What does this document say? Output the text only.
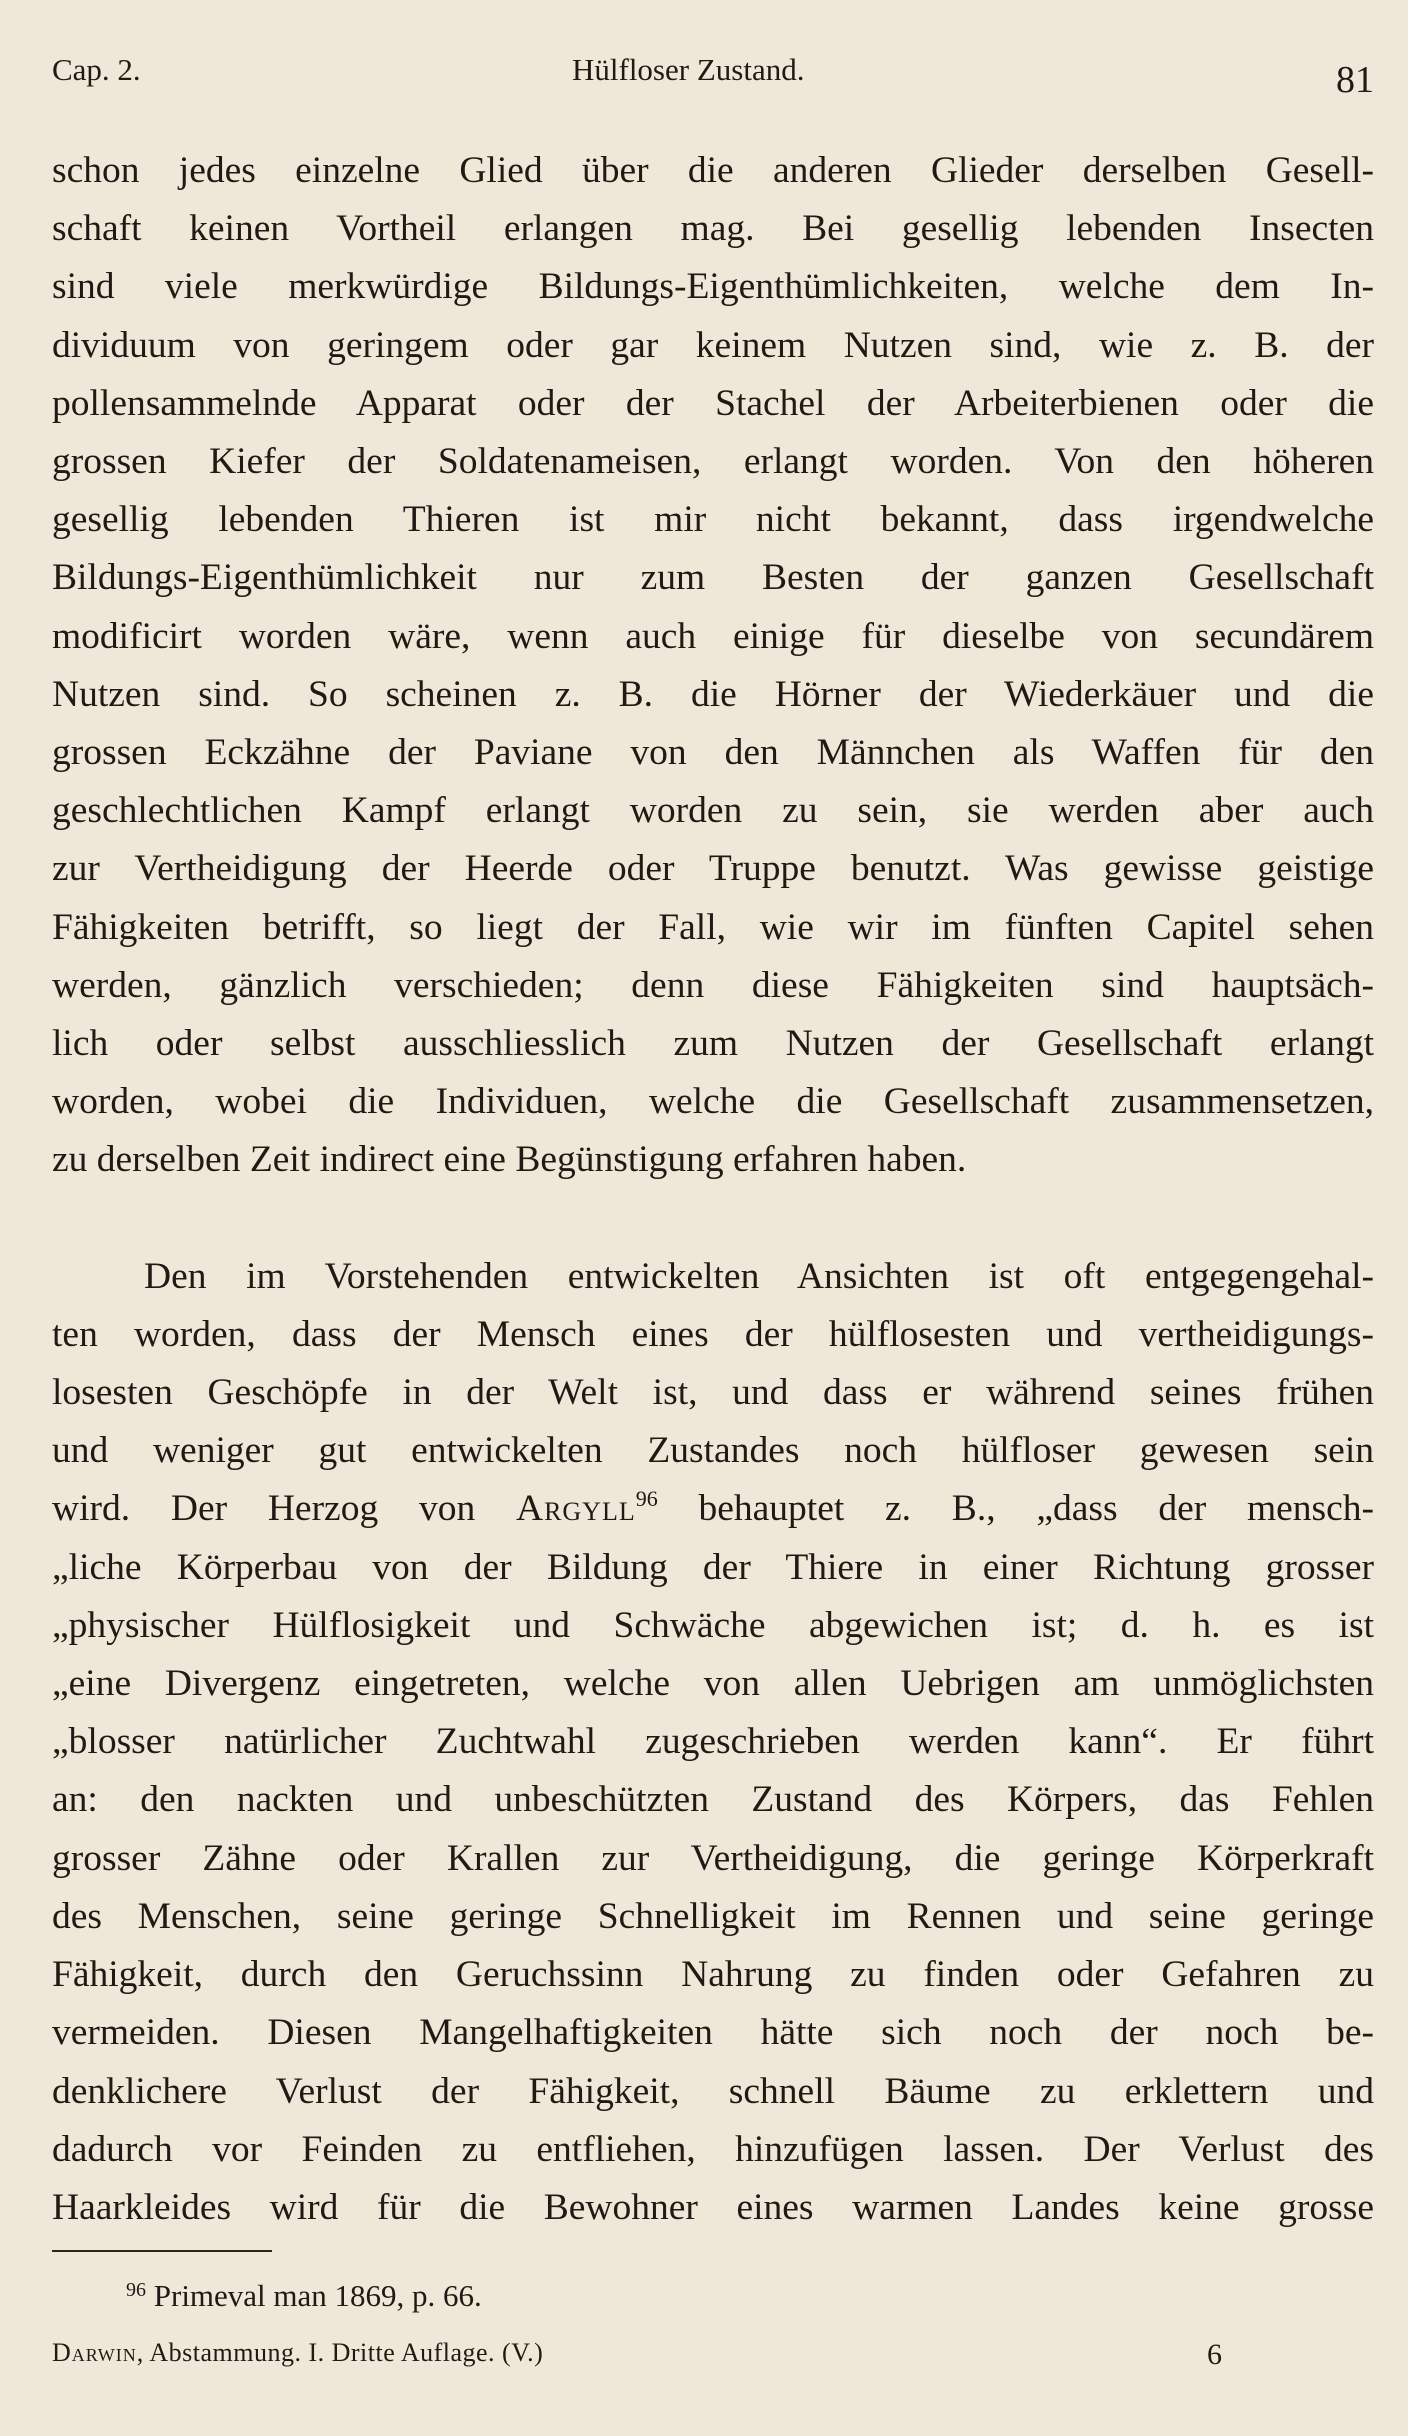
Cap. 2.	Hülfloser Zustand.	81
schon jedes einzelne Glied über die anderen Glieder derselben Gesell-
schaft keinen Vortheil erlangen mag. Bei gesellig lebenden Insecten
sind viele merkwürdige Bildungs-Eigenthümlichkeiten, welche dem In-
dividuum von geringem oder gar keinem Nutzen sind, wie z. B. der
pollensammelnde Apparat oder der Stachel der Arbeiterbienen oder die
grossen Kiefer der Soldatenameisen, erlangt worden. Von den höheren
gesellig lebenden Thieren ist mir nicht bekannt, dass irgendwelche
Bildungs-Eigenthümlichkeit nur zum Besten der ganzen Gesellschaft
modificirt worden wäre, wenn auch einige für dieselbe von secundärem
Nutzen sind. So scheinen z. B. die Hörner der Wiederkäuer und die
grossen Eckzähne der Paviane von den Männchen als Waffen für den
geschlechtlichen Kampf erlangt worden zu sein, sie werden aber auch
zur Vertheidigung der Heerde oder Truppe benutzt. Was gewisse geistige
Fähigkeiten betrifft, so liegt der Fall, wie wir im fünften Capitel sehen
werden, gänzlich verschieden; denn diese Fähigkeiten sind hauptsäch-
lich oder selbst ausschliesslich zum Nutzen der Gesellschaft erlangt
worden, wobei die Individuen, welche die Gesellschaft zusammensetzen,
zu derselben Zeit indirect eine Begünstigung erfahren haben.
Den im Vorstehenden entwickelten Ansichten ist oft entgegengehal-
ten worden, dass der Mensch eines der hülflosesten und vertheidigungs-
losesten Geschöpfe in der Welt ist, und dass er während seines frühen
und weniger gut entwickelten Zustandes noch hülfloser gewesen sein
wird. Der Herzog von Argyll$^{96}$ behauptet z. B., „dass der mensch-
„liche Körperbau von der Bildung der Thiere in einer Richtung grosser
„physischer Hülflosigkeit und Schwäche abgewichen ist; d. h. es ist
„eine Divergenz eingetreten, welche von allen Uebrigen am unmöglichsten
„blosser natürlicher Zuchtwahl zugeschrieben werden kann“. Er führt
an: den nackten und unbeschützten Zustand des Körpers, das Fehlen
grosser Zähne oder Krallen zur Vertheidigung, die geringe Körperkraft
des Menschen, seine geringe Schnelligkeit im Rennen und seine geringe
Fähigkeit, durch den Geruchssinn Nahrung zu finden oder Gefahren zu
vermeiden. Diesen Mangelhaftigkeiten hätte sich noch der noch be-
denklichere Verlust der Fähigkeit, schnell Bäume zu erklettern und
dadurch vor Feinden zu entfliehen, hinzufügen lassen. Der Verlust des
Haarkleides wird für die Bewohner eines warmen Landes keine grosse
$^{96}$ Primeval man 1869, p. 66.
Darwin, Abstammung. I. Dritte Auflage. (V.)	6
